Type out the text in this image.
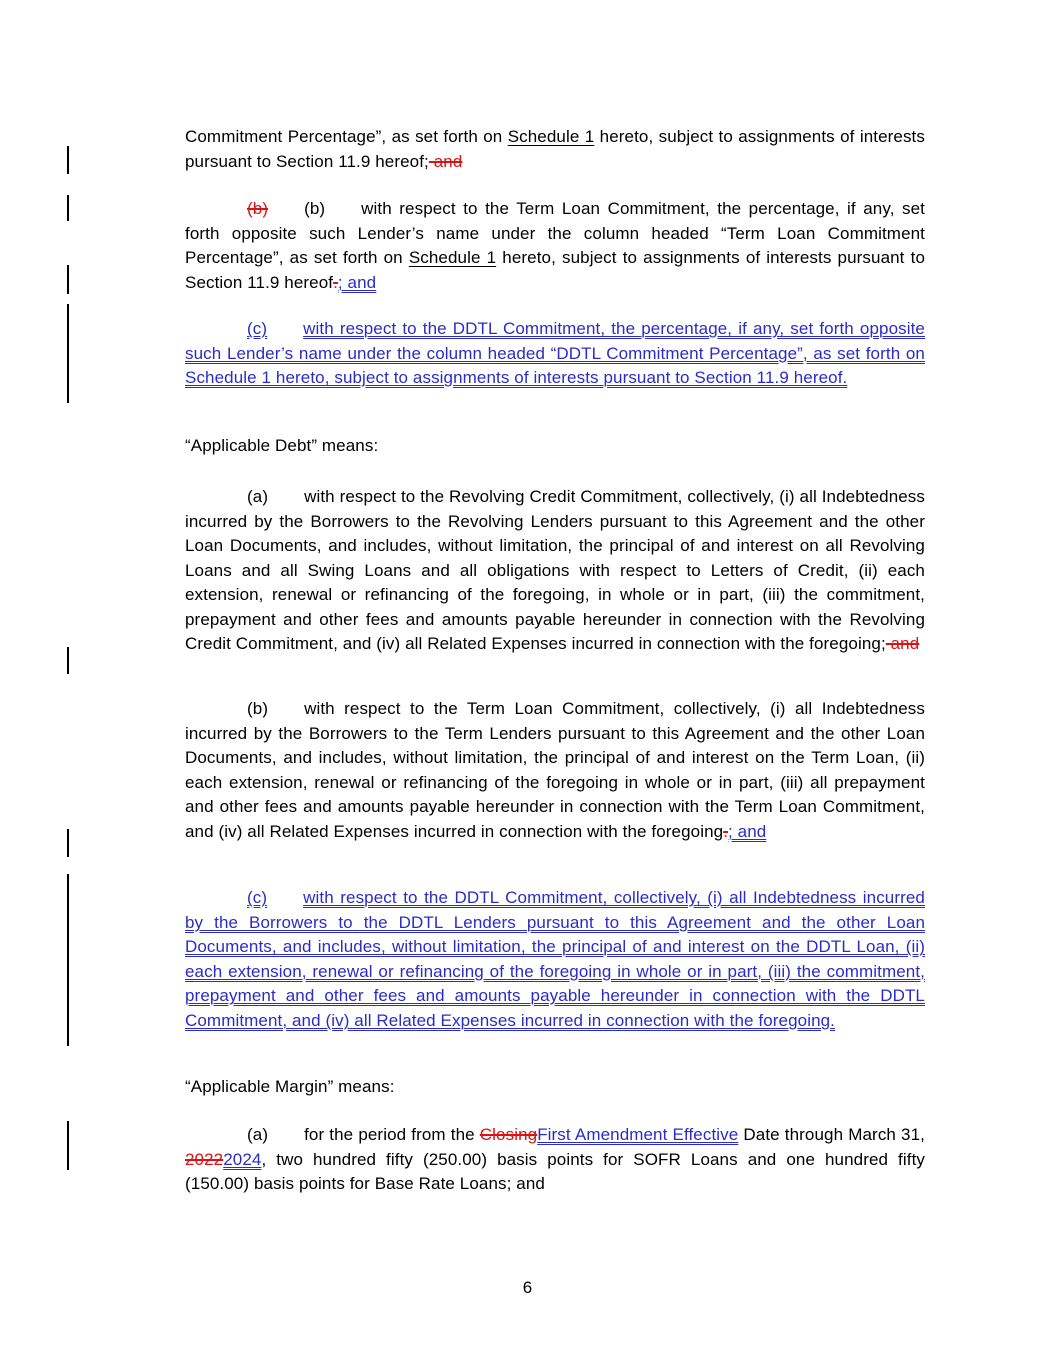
Commitment Percentage”, as set forth on Schedule 1 hereto, subject to assignments of interests pursuant to Section 11.9 hereof; and

(b) (b) with respect to the Term Loan Commitment, the percentage, if any, set forth opposite such Lender’s name under the column headed “Term Loan Commitment Percentage”, as set forth on Schedule 1 hereto, subject to assignments of interests pursuant to Section 11.9 hereof.; and

(c) with respect to the DDTL Commitment, the percentage, if any, set forth opposite such Lender’s name under the column headed “DDTL Commitment Percentage”, as set forth on Schedule 1 hereto, subject to assignments of interests pursuant to Section 11.9 hereof.

“Applicable Debt” means:

(a) with respect to the Revolving Credit Commitment, collectively, (i) all Indebtedness incurred by the Borrowers to the Revolving Lenders pursuant to this Agreement and the other Loan Documents, and includes, without limitation, the principal of and interest on all Revolving Loans and all Swing Loans and all obligations with respect to Letters of Credit, (ii) each extension, renewal or refinancing of the foregoing, in whole or in part, (iii) the commitment, prepayment and other fees and amounts payable hereunder in connection with the Revolving Credit Commitment, and (iv) all Related Expenses incurred in connection with the foregoing; and

(b) with respect to the Term Loan Commitment, collectively, (i) all Indebtedness incurred by the Borrowers to the Term Lenders pursuant to this Agreement and the other Loan Documents, and includes, without limitation, the principal of and interest on the Term Loan, (ii) each extension, renewal or refinancing of the foregoing in whole or in part, (iii) all prepayment and other fees and amounts payable hereunder in connection with the Term Loan Commitment, and (iv) all Related Expenses incurred in connection with the foregoing.; and

(c) with respect to the DDTL Commitment, collectively, (i) all Indebtedness incurred by the Borrowers to the DDTL Lenders pursuant to this Agreement and the other Loan Documents, and includes, without limitation, the principal of and interest on the DDTL Loan, (ii) each extension, renewal or refinancing of the foregoing in whole or in part, (iii) the commitment, prepayment and other fees and amounts payable hereunder in connection with the DDTL Commitment, and (iv) all Related Expenses incurred in connection with the foregoing.

“Applicable Margin” means:

(a) for the period from the ClosingFirst Amendment Effective Date through March 31, 20222024, two hundred fifty (250.00) basis points for SOFR Loans and one hundred fifty (150.00) basis points for Base Rate Loans; and

6
